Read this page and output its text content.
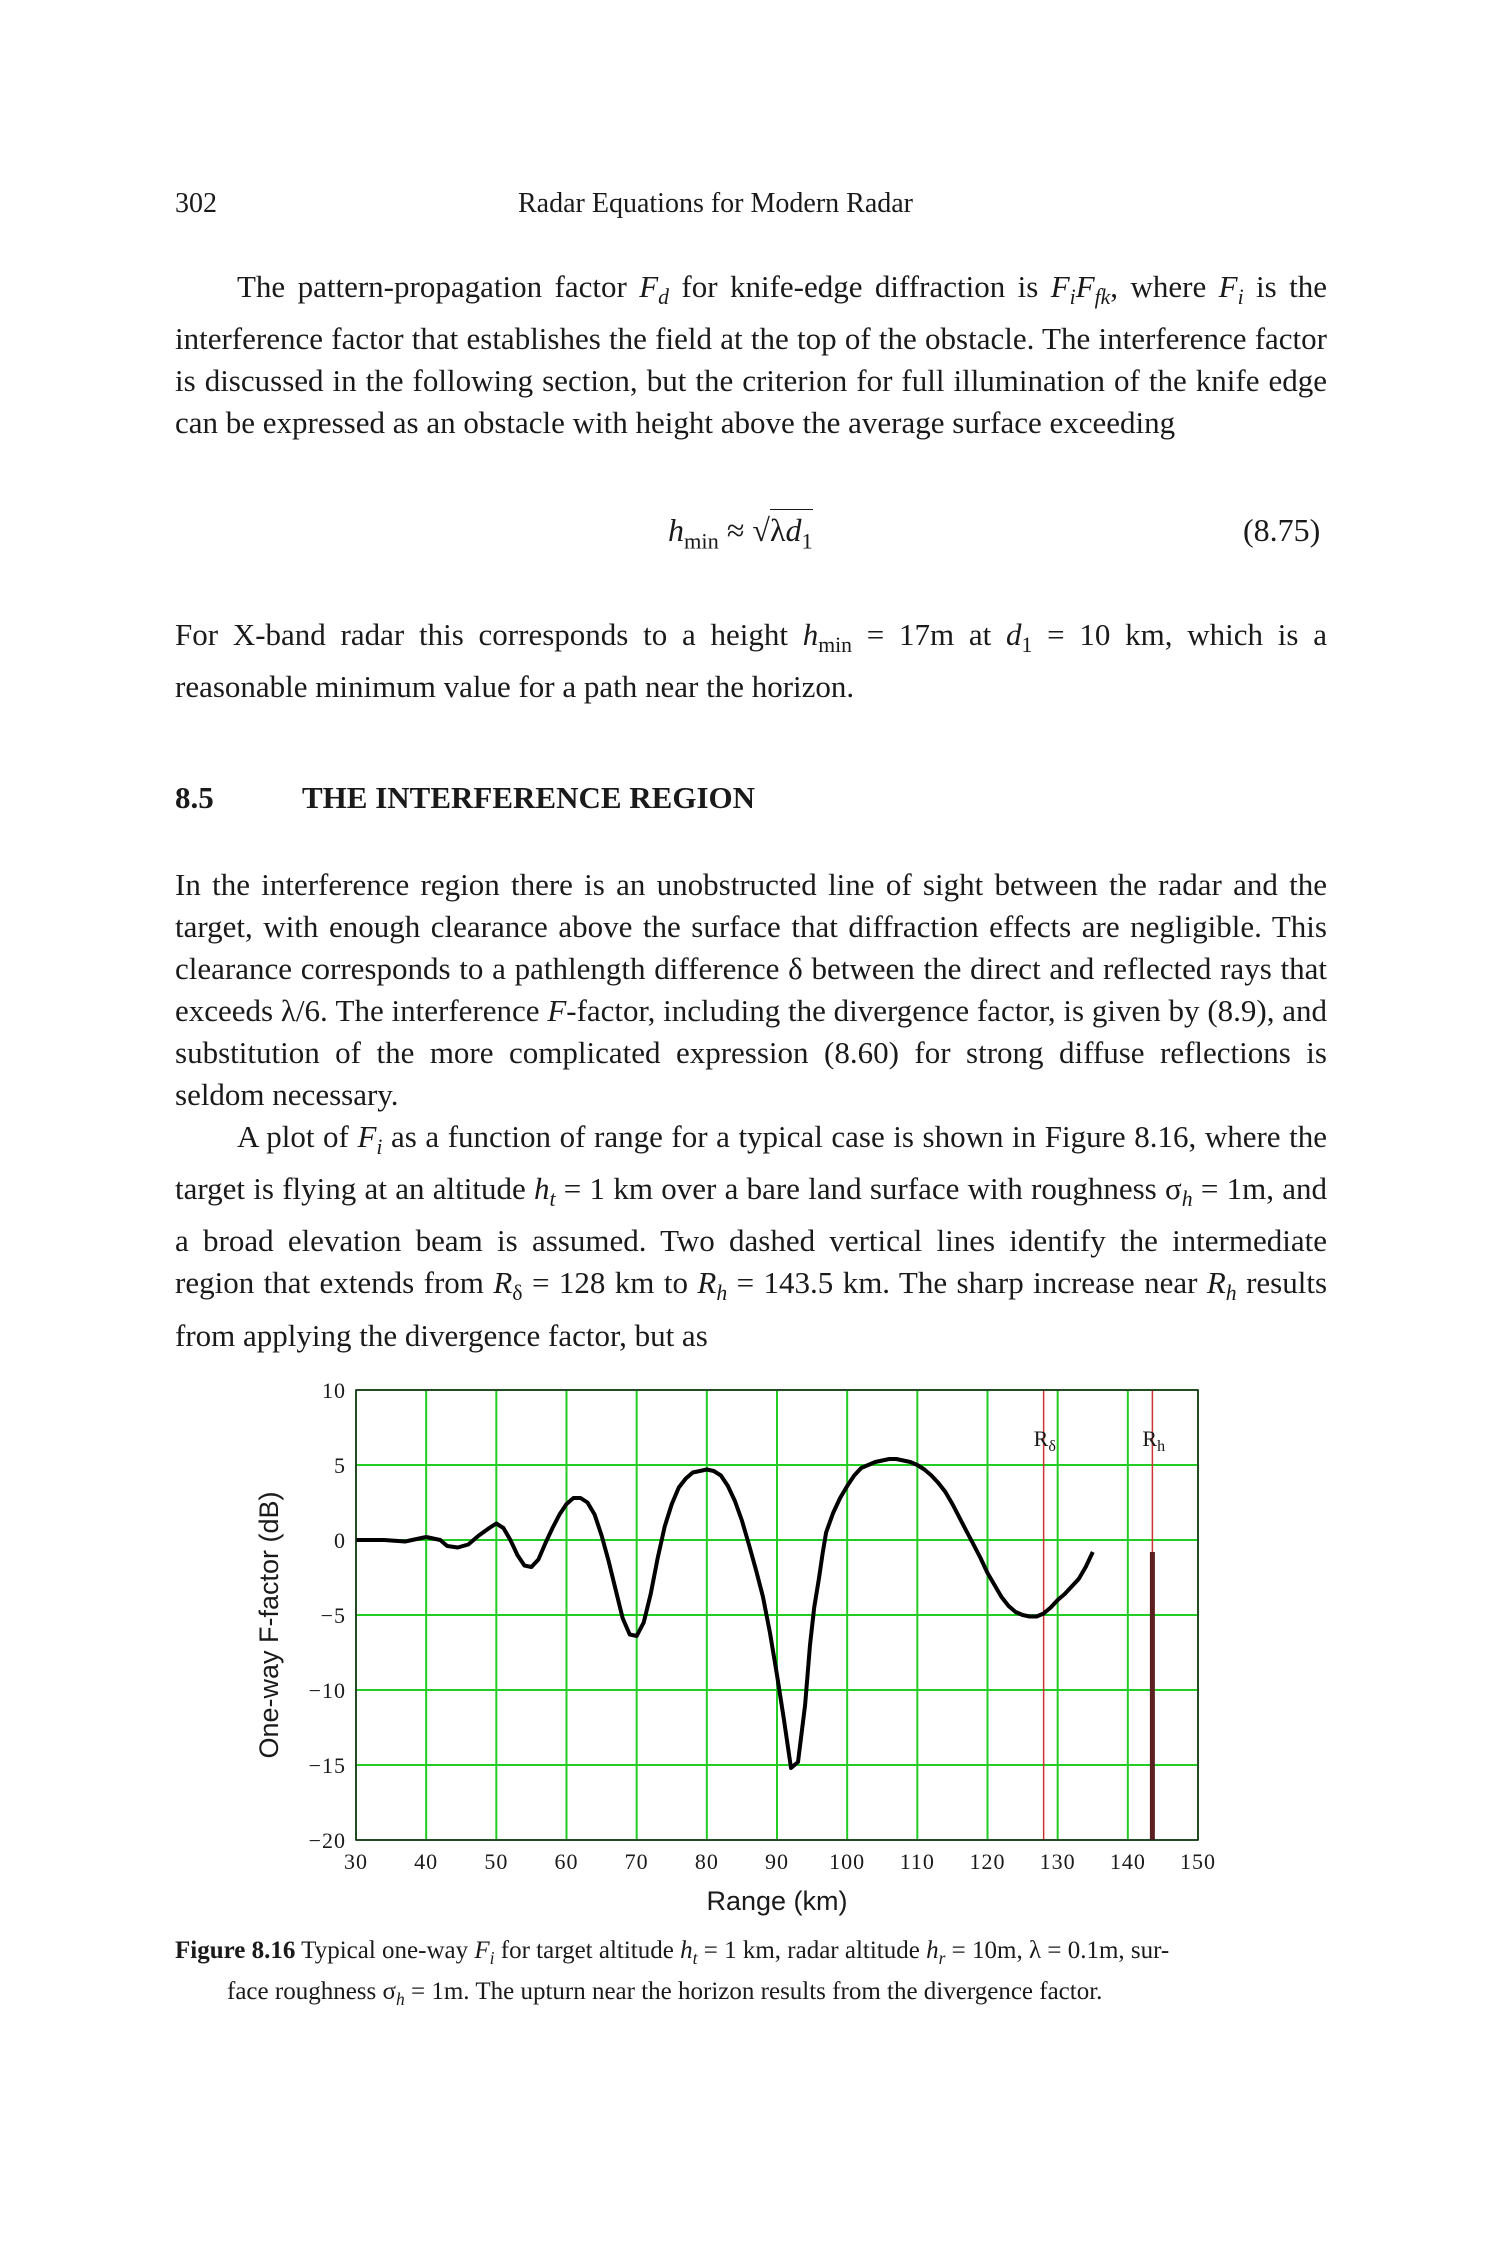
302	Radar Equations for Modern Radar

The pattern-propagation factor $F_d$ for knife-edge diffraction is $F_iF_{fk}$, where $F_i$ is the interference factor that establishes the field at the top of the obstacle. The interference factor is discussed in the following section, but the criterion for full illumination of the knife edge can be expressed as an obstacle with height above the average surface exceeding

$h_{min} \approx √\lambda d_1$	(8.75)

For X-band radar this corresponds to a height $h_{min} = 17m$ at $d_1 = 10$ km, which is a reasonable minimum value for a path near the horizon.

8.5	THE INTERFERENCE REGION

In the interference region there is an unobstructed line of sight between the radar and the target, with enough clearance above the surface that diffraction effects are negligible. This clearance corresponds to a pathlength difference δ between the direct and reflected rays that exceeds λ/6. The interference F-factor, including the divergence factor, is given by (8.9), and substitution of the more complicated expression (8.60) for strong diffuse reflections is seldom necessary.

A plot of $F_i$ as a function of range for a typical case is shown in Figure 8.16, where the target is flying at an altitude $h_t = 1$ km over a bare land surface with roughness $\sigma_h = 1m$, and a broad elevation beam is assumed. Two dashed vertical lines identify the intermediate region that extends from $R_\delta = 128$ km to $R_h = 143.5$ km. The sharp increase near $R_h$ results from applying the divergence factor, but as

$R_\delta$	$R_h$
30 40 50 60 70 80 90 100 110 120 130 140 150
10
5
0
−5
−10
−15
−20
Range (km)
One-way F-factor (dB)

Figure 8.16 Typical one-way $F_i$ for target altitude $h_t = 1$ km, radar altitude $h_r = 10m$, λ = 0.1m, sur-
face roughness $\sigma_h = 1m$. The upturn near the horizon results from the divergence factor.
